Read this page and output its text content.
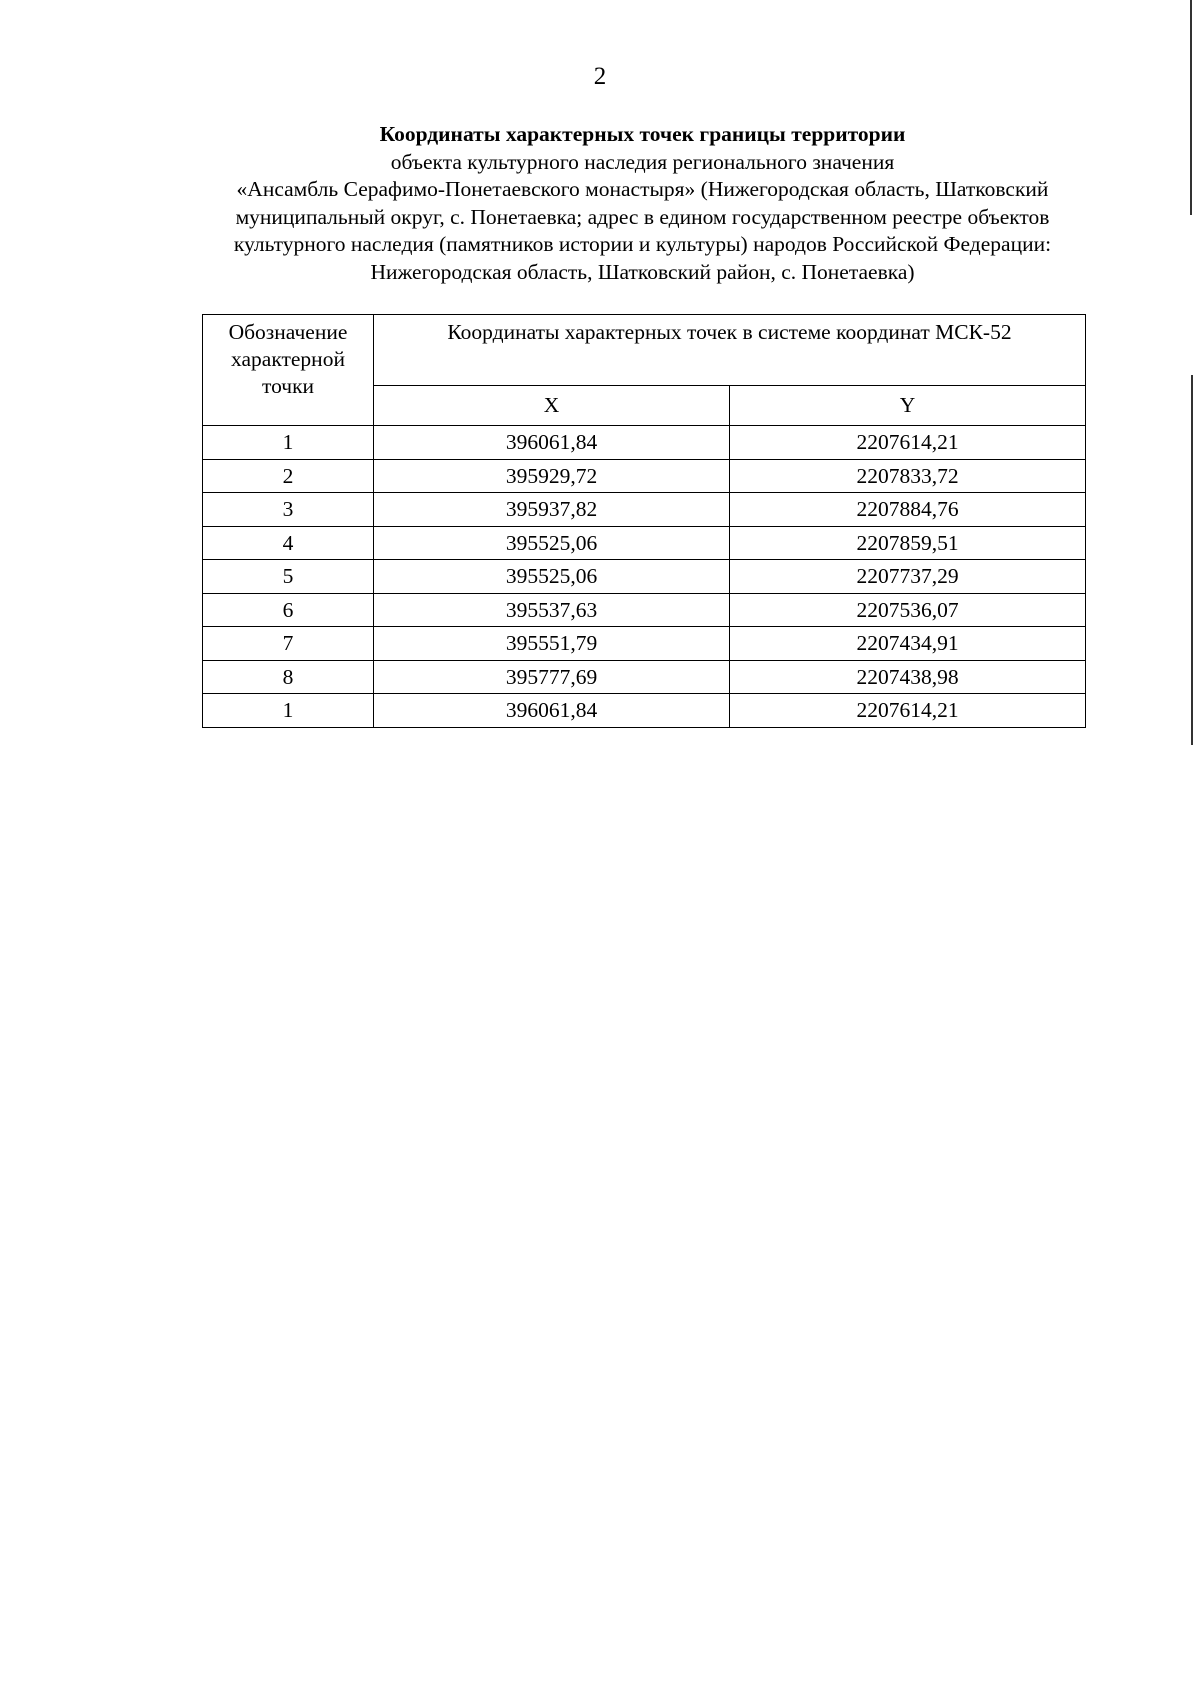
2
Координаты характерных точек границы территории
объекта культурного наследия регионального значения
«Ансамбль Серафимо-Понетаевского монастыря» (Нижегородская область, Шатковский
муниципальный округ, с. Понетаевка; адрес в едином государственном реестре объектов
культурного наследия (памятников истории и культуры) народов Российской Федерации:
Нижегородская область, Шатковский район, с. Понетаевка)
Обозначение характерной точки	Координаты характерных точек в системе координат МСК-52	
	X	Y
1	396061,84	2207614,21
2	395929,72	2207833,72
3	395937,82	2207884,76
4	395525,06	2207859,51
5	395525,06	2207737,29
6	395537,63	2207536,07
7	395551,79	2207434,91
8	395777,69	2207438,98
1	396061,84	2207614,21
